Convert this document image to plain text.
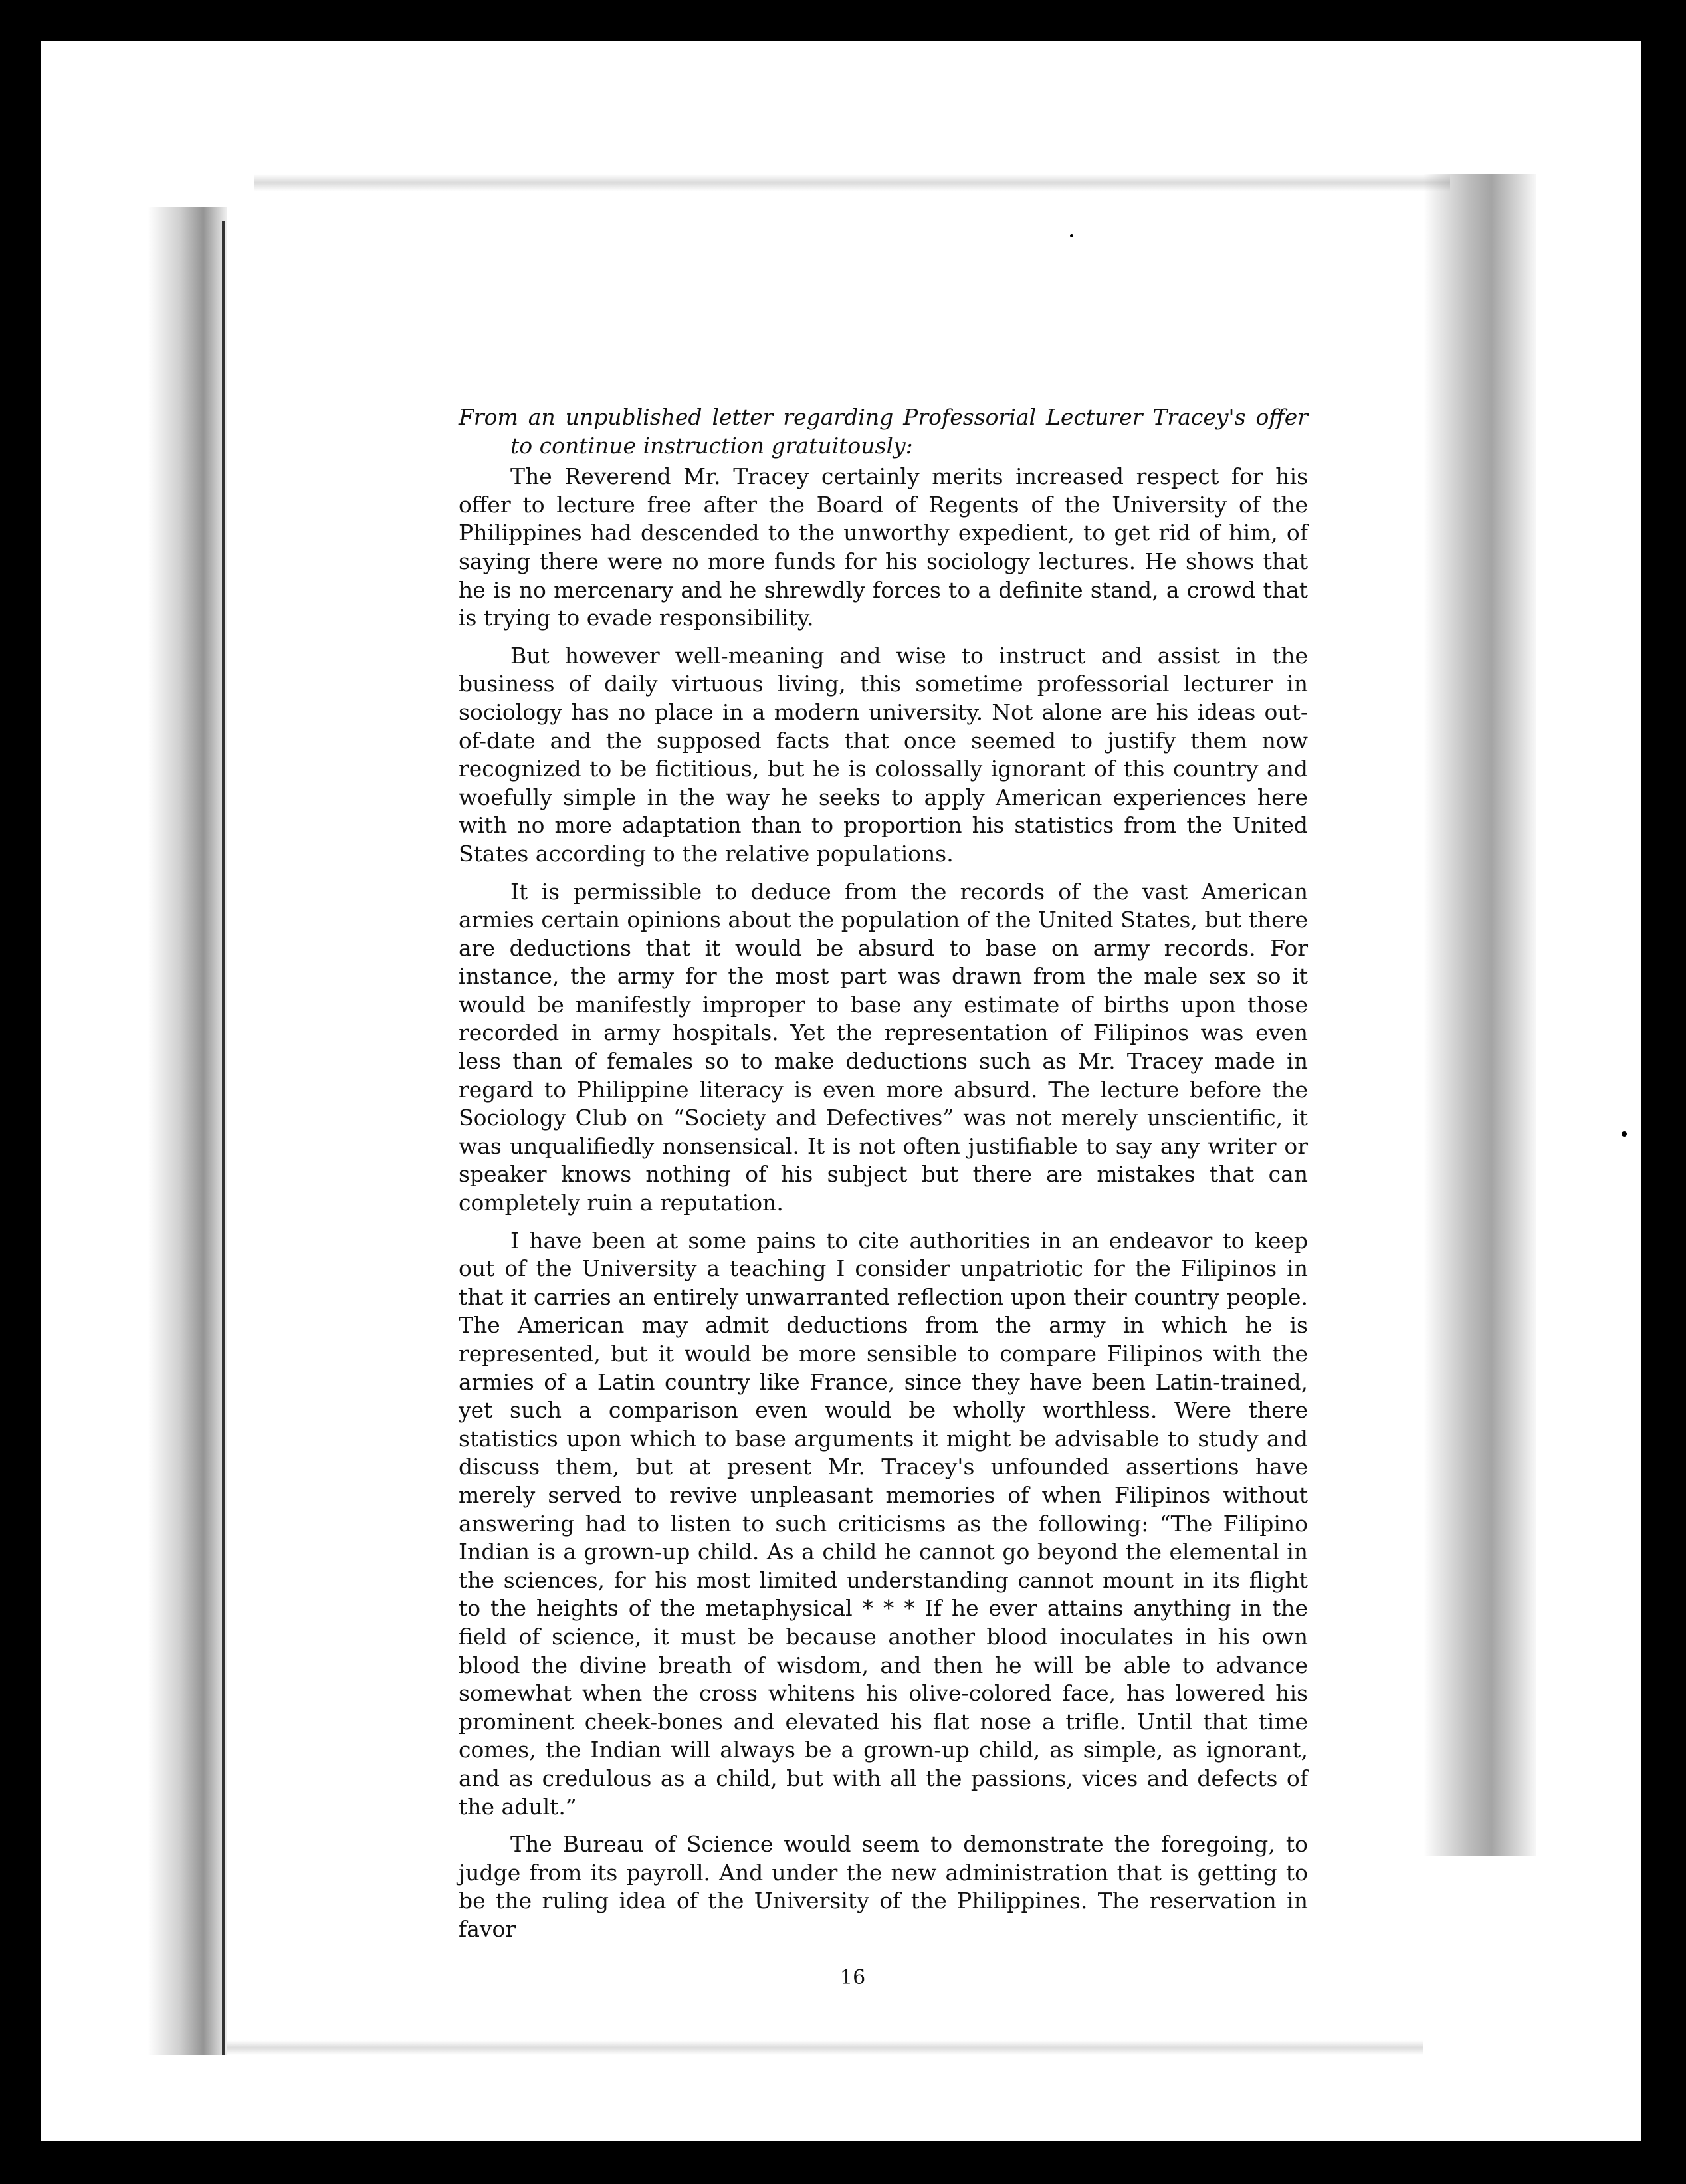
From an unpublished letter regarding Professorial Lecturer Tracey's offer to continue instruction gratuitously:

The Reverend Mr. Tracey certainly merits increased respect for his offer to lecture free after the Board of Regents of the University of the Philippines had descended to the unworthy expedient, to get rid of him, of saying there were no more funds for his sociology lectures. He shows that he is no mercenary and he shrewdly forces to a definite stand, a crowd that is trying to evade responsibility.

But however well-meaning and wise to instruct and assist in the business of daily virtuous living, this sometime professorial lecturer in sociology has no place in a modern university. Not alone are his ideas out-of-date and the supposed facts that once seemed to justify them now recognized to be fictitious, but he is colossally ignorant of this country and woefully simple in the way he seeks to apply American experiences here with no more adaptation than to proportion his statistics from the United States according to the relative populations.

It is permissible to deduce from the records of the vast American armies certain opinions about the population of the United States, but there are deductions that it would be absurd to base on army records. For instance, the army for the most part was drawn from the male sex so it would be manifestly improper to base any estimate of births upon those recorded in army hospitals. Yet the representation of Filipinos was even less than of females so to make deductions such as Mr. Tracey made in regard to Philippine literacy is even more absurd. The lecture before the Sociology Club on “Society and Defectives” was not merely unscientific, it was unqualifiedly nonsensical. It is not often justifiable to say any writer or speaker knows nothing of his subject but there are mistakes that can completely ruin a reputation.

I have been at some pains to cite authorities in an endeavor to keep out of the University a teaching I consider unpatriotic for the Filipinos in that it carries an entirely unwarranted reflection upon their country people. The American may admit deductions from the army in which he is represented, but it would be more sensible to compare Filipinos with the armies of a Latin country like France, since they have been Latin-trained, yet such a comparison even would be wholly worthless. Were there statistics upon which to base arguments it might be advisable to study and discuss them, but at present Mr. Tracey's unfounded assertions have merely served to revive unpleasant memories of when Filipinos without answering had to listen to such criticisms as the following: “The Filipino Indian is a grown-up child. As a child he cannot go beyond the elemental in the sciences, for his most limited understanding cannot mount in its flight to the heights of the metaphysical * * * If he ever attains anything in the field of science, it must be because another blood inoculates in his own blood the divine breath of wisdom, and then he will be able to advance somewhat when the cross whitens his olive-colored face, has lowered his prominent cheek-bones and elevated his flat nose a trifle. Until that time comes, the Indian will always be a grown-up child, as simple, as ignorant, and as credulous as a child, but with all the passions, vices and defects of the adult.”

The Bureau of Science would seem to demonstrate the foregoing, to judge from its payroll. And under the new administration that is getting to be the ruling idea of the University of the Philippines. The reservation in favor

16
